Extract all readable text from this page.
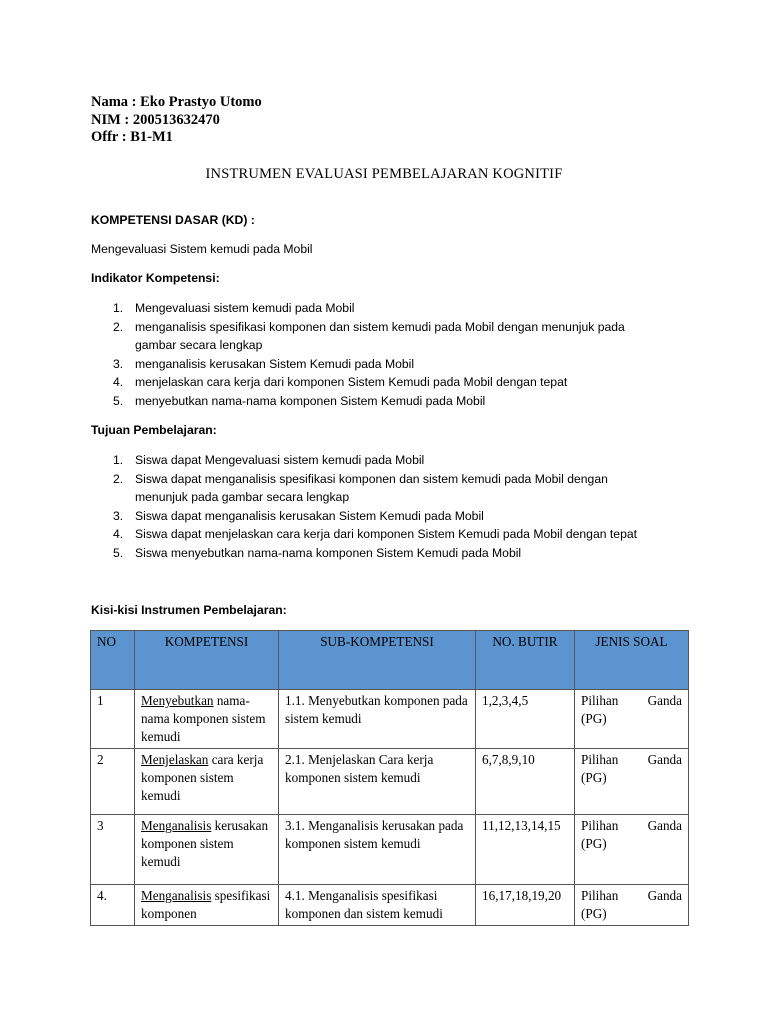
Nama : Eko Prastyo Utomo
NIM : 200513632470
Offr : B1-M1
INSTRUMEN EVALUASI PEMBELAJARAN KOGNITIF
KOMPETENSI DASAR (KD) :
Mengevaluasi Sistem kemudi pada Mobil
Indikator Kompetensi:
1. Mengevaluasi sistem kemudi pada Mobil
2. menganalisis spesifikasi komponen dan sistem kemudi pada Mobil dengan menunjuk pada
gambar secara lengkap
3. menganalisis kerusakan Sistem Kemudi pada Mobil
4. menjelaskan cara kerja dari komponen Sistem Kemudi pada Mobil dengan tepat
5. menyebutkan nama-nama komponen Sistem Kemudi pada Mobil
Tujuan Pembelajaran:
1. Siswa dapat Mengevaluasi sistem kemudi pada Mobil
2. Siswa dapat menganalisis spesifikasi komponen dan sistem kemudi pada Mobil dengan
menunjuk pada gambar secara lengkap
3. Siswa dapat menganalisis kerusakan Sistem Kemudi pada Mobil
4. Siswa dapat menjelaskan cara kerja dari komponen Sistem Kemudi pada Mobil dengan tepat
5. Siswa menyebutkan nama-nama komponen Sistem Kemudi pada Mobil
Kisi-kisi Instrumen Pembelajaran:
NO	KOMPETENSI	SUB-KOMPETENSI	NO. BUTIR	JENIS SOAL
1	Menyebutkan nama-nama komponen sistem kemudi	1.1. Menyebutkan komponen pada sistem kemudi	1,2,3,4,5	Pilihan Ganda
(PG)
2	Menjelaskan cara kerja komponen sistem kemudi	2.1. Menjelaskan Cara kerja komponen sistem kemudi	6,7,8,9,10	Pilihan Ganda
(PG)
3	Menganalisis kerusakan komponen sistem kemudi	3.1. Menganalisis kerusakan pada komponen sistem kemudi	11,12,13,14,15	Pilihan Ganda
(PG)
4.	Menganalisis spesifikasi komponen	4.1. Menganalisis spesifikasi komponen dan sistem kemudi	16,17,18,19,20	Pilihan Ganda
(PG)
